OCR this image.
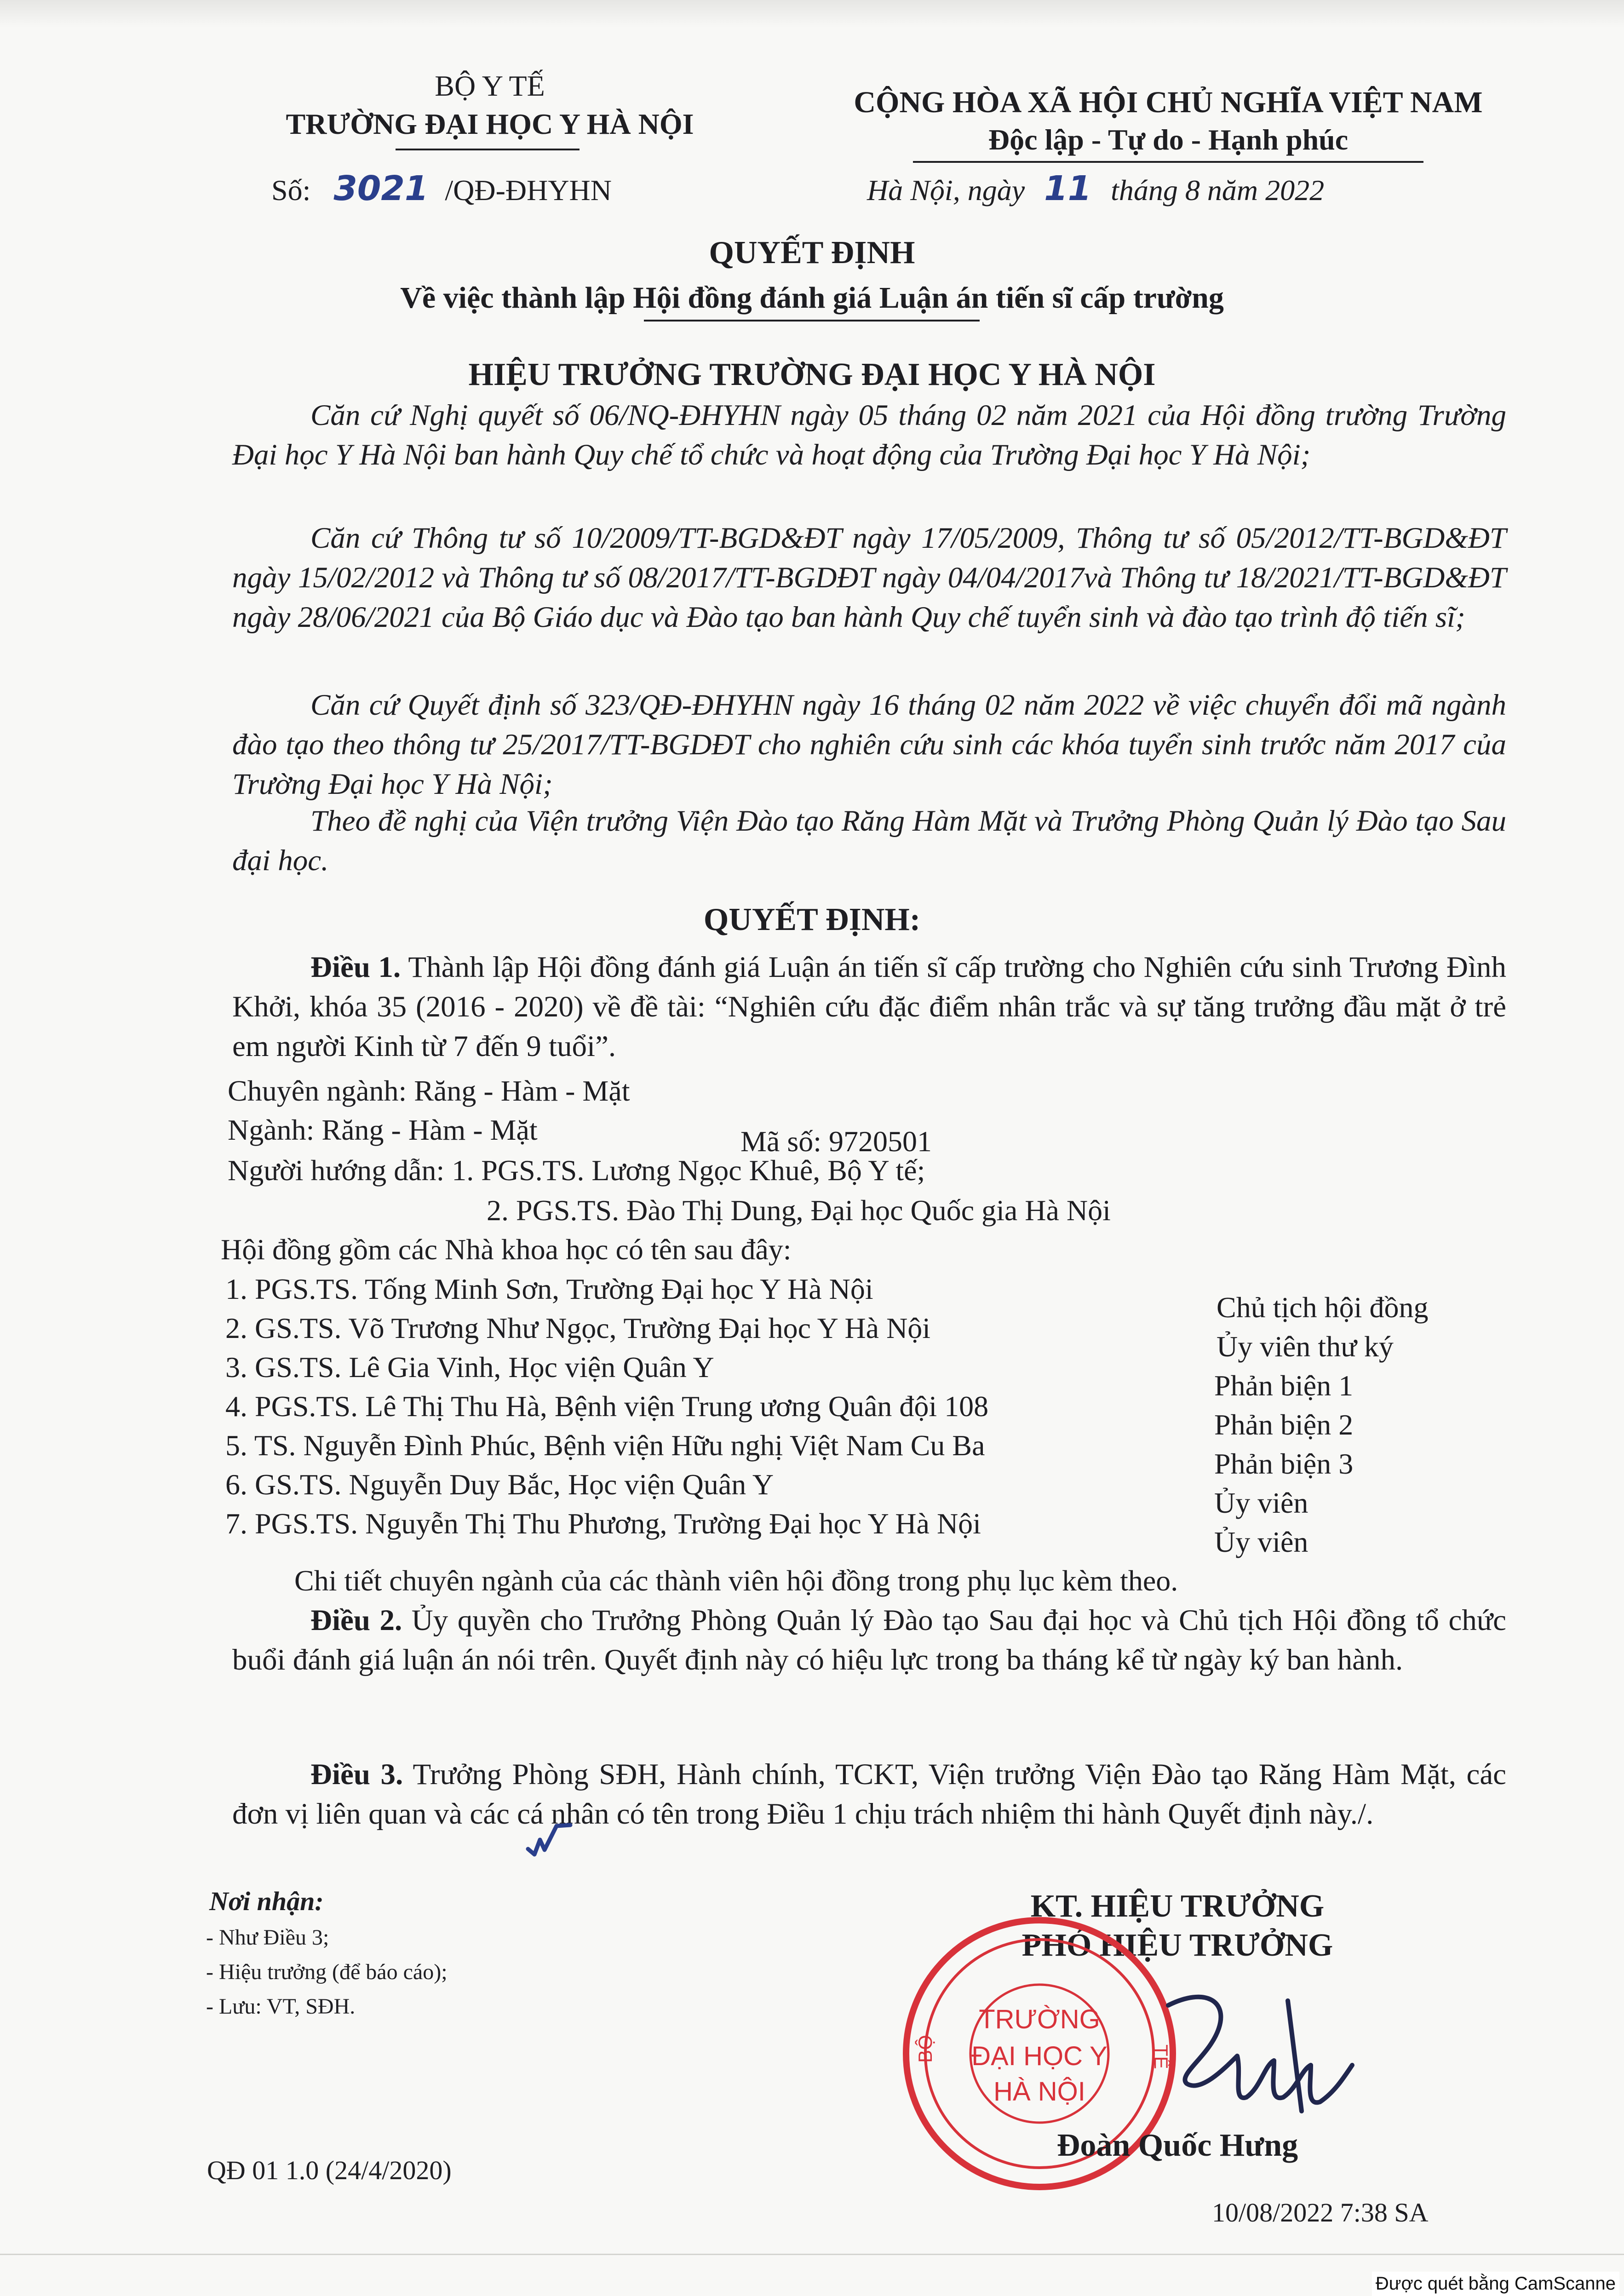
BỘ Y TẾ
TRƯỜNG ĐẠI HỌC Y HÀ NỘI
Số: 3021 /QĐ-ĐHYHN
CỘNG HÒA XÃ HỘI CHỦ NGHĨA VIỆT NAM
Độc lập - Tự do - Hạnh phúc
Hà Nội, ngày 11 tháng 8 năm 2022
QUYẾT ĐỊNH
Về việc thành lập Hội đồng đánh giá Luận án tiến sĩ cấp trường
HIỆU TRƯỞNG TRƯỜNG ĐẠI HỌC Y HÀ NỘI
Căn cứ Nghị quyết số 06/NQ-ĐHYHN ngày 05 tháng 02 năm 2021 của Hội đồng trường Trường Đại học Y Hà Nội ban hành Quy chế tổ chức và hoạt động của Trường Đại học Y Hà Nội;
Căn cứ Thông tư số 10/2009/TT-BGD&ĐT ngày 17/05/2009, Thông tư số 05/2012/TT-BGD&ĐT ngày 15/02/2012 và Thông tư số 08/2017/TT-BGDĐT ngày 04/04/2017và Thông tư 18/2021/TT-BGD&ĐT ngày 28/06/2021 của Bộ Giáo dục và Đào tạo ban hành Quy chế tuyển sinh và đào tạo trình độ tiến sĩ;
Căn cứ Quyết định số 323/QĐ-ĐHYHN ngày 16 tháng 02 năm 2022 về việc chuyển đổi mã ngành đào tạo theo thông tư 25/2017/TT-BGDĐT cho nghiên cứu sinh các khóa tuyển sinh trước năm 2017 của Trường Đại học Y Hà Nội;
Theo đề nghị của Viện trưởng Viện Đào tạo Răng Hàm Mặt và Trưởng Phòng Quản lý Đào tạo Sau đại học.
QUYẾT ĐỊNH:
Điều 1. Thành lập Hội đồng đánh giá Luận án tiến sĩ cấp trường cho Nghiên cứu sinh Trương Đình Khởi, khóa 35 (2016 - 2020) về đề tài: “Nghiên cứu đặc điểm nhân trắc và sự tăng trưởng đầu mặt ở trẻ em người Kinh từ 7 đến 9 tuổi”.
Chuyên ngành: Răng - Hàm - Mặt
Ngành: Răng - Hàm - Mặt	Mã số: 9720501
Người hướng dẫn: 1. PGS.TS. Lương Ngọc Khuê, Bộ Y tế;
2. PGS.TS. Đào Thị Dung, Đại học Quốc gia Hà Nội
Hội đồng gồm các Nhà khoa học có tên sau đây:
1. PGS.TS. Tống Minh Sơn, Trường Đại học Y Hà Nội
Chủ tịch hội đồng
2. GS.TS. Võ Trương Như Ngọc, Trường Đại học Y Hà Nội
Ủy viên thư ký
3. GS.TS. Lê Gia Vinh, Học viện Quân Y
Phản biện 1
4. PGS.TS. Lê Thị Thu Hà, Bệnh viện Trung ương Quân đội 108
Phản biện 2
5. TS. Nguyễn Đình Phúc, Bệnh viện Hữu nghị Việt Nam Cu Ba
Phản biện 3
6. GS.TS. Nguyễn Duy Bắc, Học viện Quân Y
Ủy viên
7. PGS.TS. Nguyễn Thị Thu Phương, Trường Đại học Y Hà Nội
Ủy viên
Chi tiết chuyên ngành của các thành viên hội đồng trong phụ lục kèm theo.
Điều 2. Ủy quyền cho Trưởng Phòng Quản lý Đào tạo Sau đại học và Chủ tịch Hội đồng tổ chức buổi đánh giá luận án nói trên. Quyết định này có hiệu lực trong ba tháng kể từ ngày ký ban hành.
Điều 3. Trưởng Phòng SĐH, Hành chính, TCKT, Viện trưởng Viện Đào tạo Răng Hàm Mặt, các đơn vị liên quan và các cá nhân có tên trong Điều 1 chịu trách nhiệm thi hành Quyết định này./.
Nơi nhận:
- Như Điều 3;
- Hiệu trưởng (để báo cáo);
- Lưu: VT, SĐH.
KT. HIỆU TRƯỞNG
PHÓ HIỆU TRƯỞNG
BỘ	TẾ
TRƯỜNG
ĐẠI HỌC Y
HÀ NỘI
Đoàn Quốc Hưng
QĐ 01 1.0 (24/4/2020)
10/08/2022 7:38 SA
Được quét bằng CamScanne
